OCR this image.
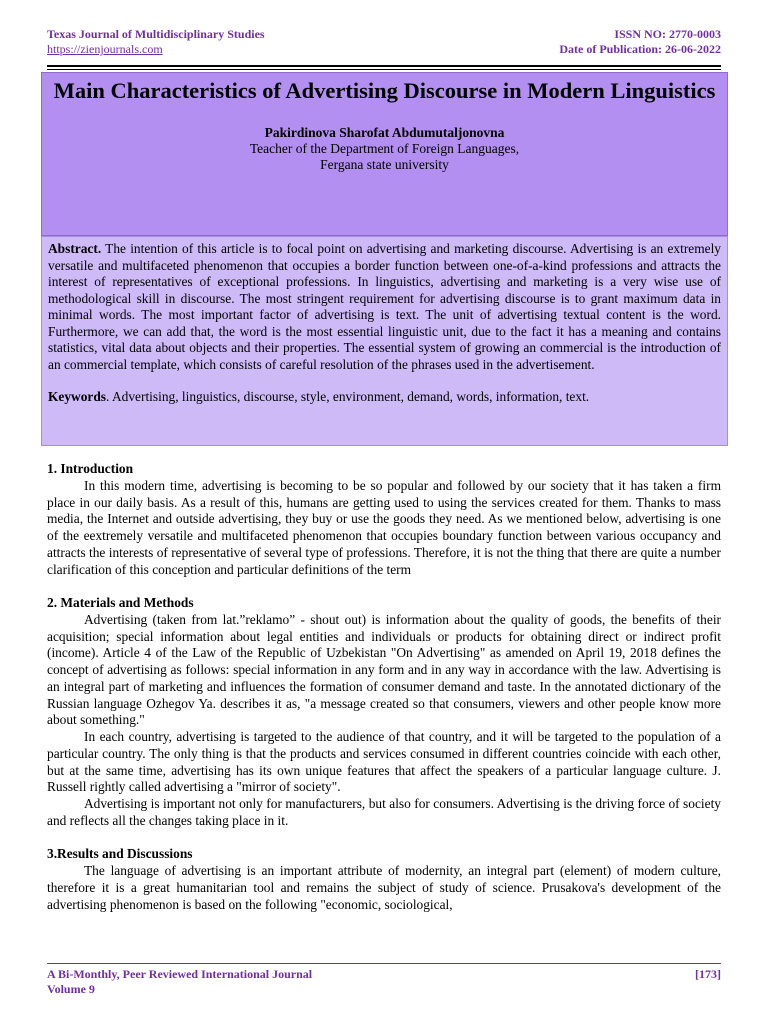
Texas Journal of Multidisciplinary Studies
https://zienjournals.com
ISSN NO: 2770-0003
Date of Publication: 26-06-2022
Main Characteristics of Advertising Discourse in Modern Linguistics
Pakirdinova Sharofat Abdumutaljonovna
Teacher of the Department of Foreign Languages,
Fergana state university

Abstract. The intention of this article is to focal point on advertising and marketing discourse. Advertising is an extremely versatile and multifaceted phenomenon that occupies a border function between one-of-a-kind professions and attracts the interest of representatives of exceptional professions. In linguistics, advertising and marketing is a very wise use of methodological skill in discourse. The most stringent requirement for advertising discourse is to grant maximum data in minimal words. The most important factor of advertising is text. The unit of advertising textual content is the word. Furthermore, we can add that, the word is the most essential linguistic unit, due to the fact it has a meaning and contains statistics, vital data about objects and their properties. The essential system of growing an commercial is the introduction of an commercial template, which consists of careful resolution of the phrases used in the advertisement.

Keywords. Advertising, linguistics, discourse, style, environment, demand, words, information, text.

1. Introduction

In this modern time, advertising is becoming to be so popular and followed by our society that it has taken a firm place in our daily basis. As a result of this, humans are getting used to using the services created for them. Thanks to mass media, the Internet and outside advertising, they buy or use the goods they need. As we mentioned below, advertising is one of the eextremely versatile and multifaceted phenomenon that occupies boundary function between various occupancy and attracts the interests of representative of several type of professions. Therefore, it is not the thing that there are quite a number clarification of this conception and particular definitions of the term

2. Materials and Methods

Advertising (taken from lat.”reklamo” - shout out) is information about the quality of goods, the benefits of their acquisition; special information about legal entities and individuals or products for obtaining direct or indirect profit (income). Article 4 of the Law of the Republic of Uzbekistan "On Advertising" as amended on April 19, 2018 defines the concept of advertising as follows: special information in any form and in any way in accordance with the law. Advertising is an integral part of marketing and influences the formation of consumer demand and taste. In the annotated dictionary of the Russian language Ozhegov Ya. describes it as, "a message created so that consumers, viewers and other people know more about something."

In each country, advertising is targeted to the audience of that country, and it will be targeted to the population of a particular country. The only thing is that the products and services consumed in different countries coincide with each other, but at the same time, advertising has its own unique features that affect the speakers of a particular language culture. J. Russell rightly called advertising a "mirror of society".

Advertising is important not only for manufacturers, but also for consumers. Advertising is the driving force of society and reflects all the changes taking place in it.

3.Results and Discussions

The language of advertising is an important attribute of modernity, an integral part (element) of modern culture, therefore it is a great humanitarian tool and remains the subject of study of science. Prusakova's development of the advertising phenomenon is based on the following "economic, sociological,

A Bi-Monthly, Peer Reviewed International Journal
Volume 9
[173]
